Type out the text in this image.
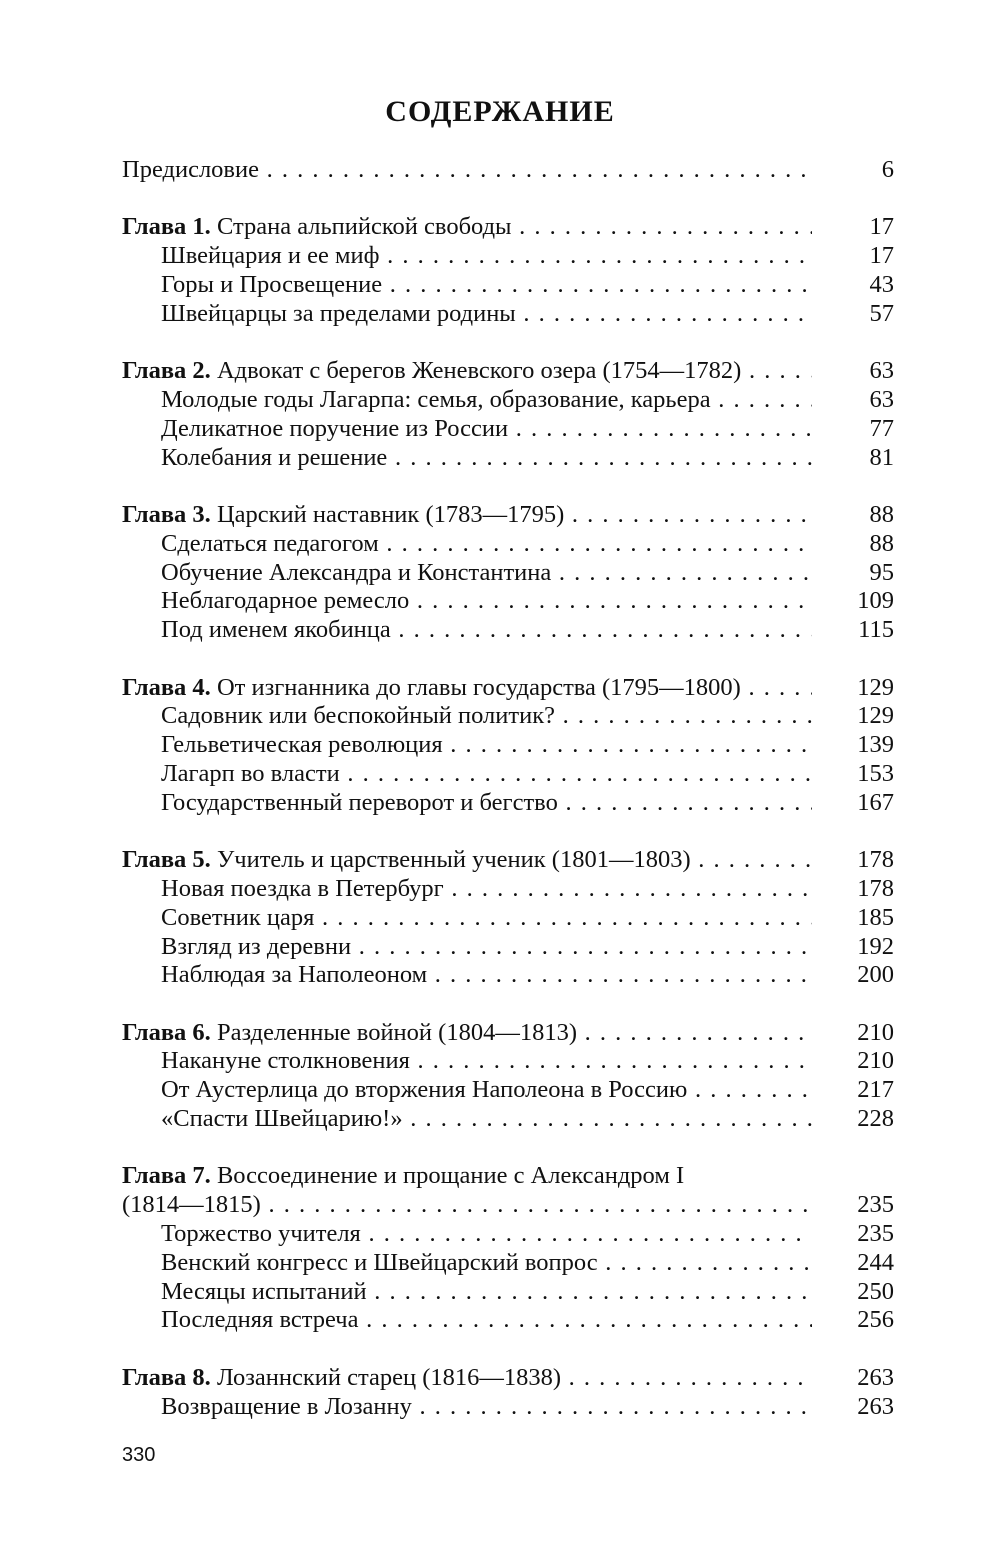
СОДЕРЖАНИЕ
Предисловие . . .	6
Глава 1. Страна альпийской свободы . . .	17
Швейцария и ее миф . . .	17
Горы и Просвещение . . .	43
Швейцарцы за пределами родины . . .	57
Глава 2. Адвокат с берегов Женевского озера (1754—1782) . . .	63
Молодые годы Лагарпа: семья, образование, карьера . . .	63
Деликатное поручение из России . . .	77
Колебания и решение . . .	81
Глава 3. Царский наставник (1783—1795) . . .	88
Сделаться педагогом . . .	88
Обучение Александра и Константина . . .	95
Неблагодарное ремесло . . .	109
Под именем якобинца . . .	115
Глава 4. От изгнанника до главы государства (1795—1800) . . .	129
Садовник или беспокойный политик? . . .	129
Гельветическая революция . . .	139
Лагарп во власти . . .	153
Государственный переворот и бегство . . .	167
Глава 5. Учитель и царственный ученик (1801—1803) . . .	178
Новая поездка в Петербург . . .	178
Советник царя . . .	185
Взгляд из деревни . . .	192
Наблюдая за Наполеоном . . .	200
Глава 6. Разделенные войной (1804—1813) . . .	210
Накануне столкновения . . .	210
От Аустерлица до вторжения Наполеона в Россию . . .	217
«Спасти Швейцарию!» . . .	228
Глава 7. Воссоединение и прощание с Александром I
(1814—1815) . . .	235
Торжество учителя . . .	235
Венский конгресс и Швейцарский вопрос . . .	244
Месяцы испытаний . . .	250
Последняя встреча . . .	256
Глава 8. Лозаннский старец (1816—1838) . . .	263
Возвращение в Лозанну . . .	263
330
